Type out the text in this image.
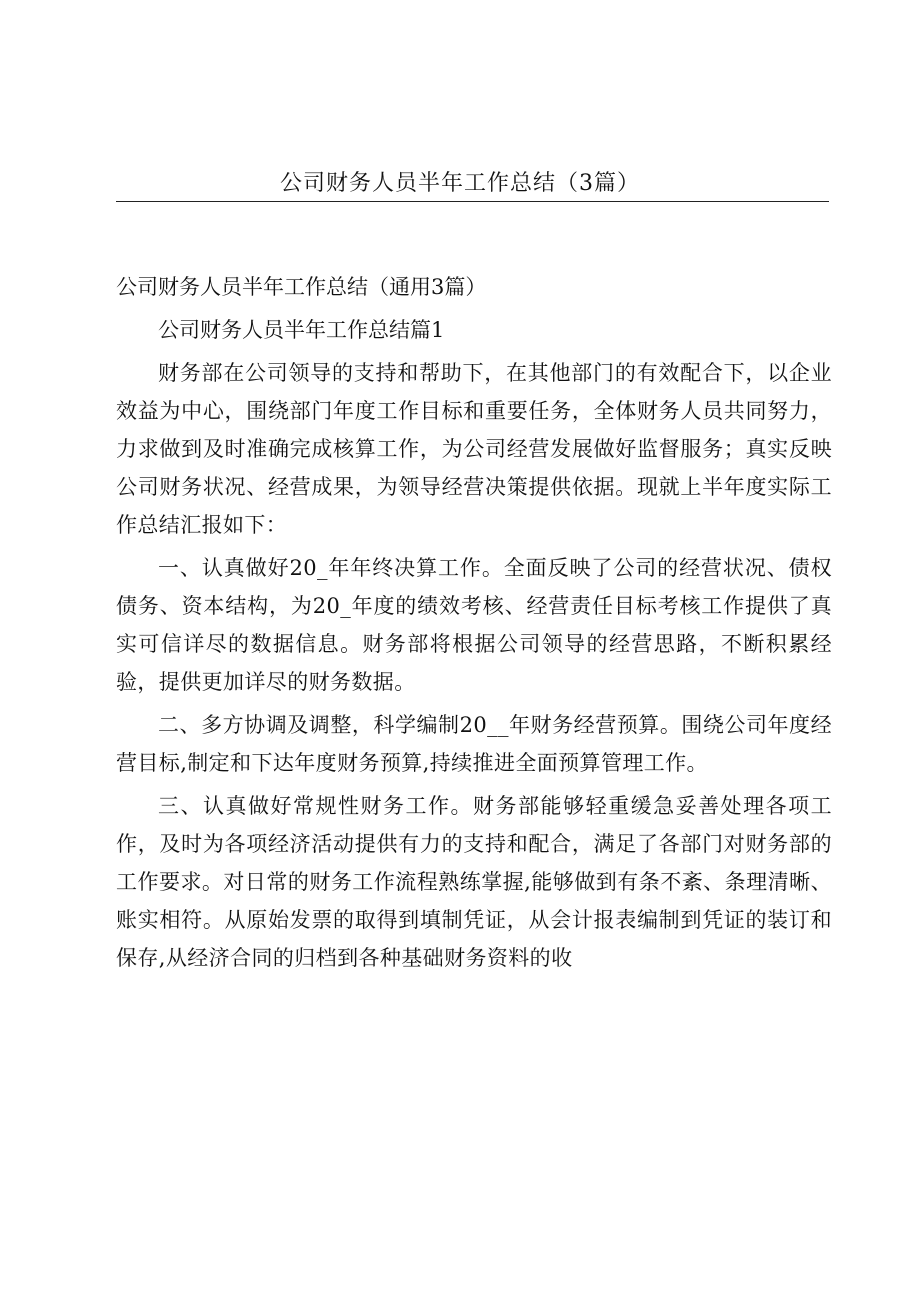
公司财务人员半年工作总结（3篇）

公司财务人员半年工作总结（通用3篇）

公司财务人员半年工作总结篇1

财务部在公司领导的支持和帮助下，在其他部门的有效配合下，以企业效益为中心，围绕部门年度工作目标和重要任务，全体财务人员共同努力，力求做到及时准确完成核算工作，为公司经营发展做好监督服务；真实反映公司财务状况、经营成果，为领导经营决策提供依据。现就上半年度实际工作总结汇报如下：

一、认真做好20_年年终决算工作。全面反映了公司的经营状况、债权债务、资本结构，为20_年度的绩效考核、经营责任目标考核工作提供了真实可信详尽的数据信息。财务部将根据公司领导的经营思路，不断积累经验，提供更加详尽的财务数据。

二、多方协调及调整，科学编制20__年财务经营预算。围绕公司年度经营目标,制定和下达年度财务预算,持续推进全面预算管理工作。

三、认真做好常规性财务工作。财务部能够轻重缓急妥善处理各项工作，及时为各项经济活动提供有力的支持和配合，满足了各部门对财务部的工作要求。对日常的财务工作流程熟练掌握,能够做到有条不紊、条理清晰、账实相符。从原始发票的取得到填制凭证，从会计报表编制到凭证的装订和保存,从经济合同的归档到各种基础财务资料的收
